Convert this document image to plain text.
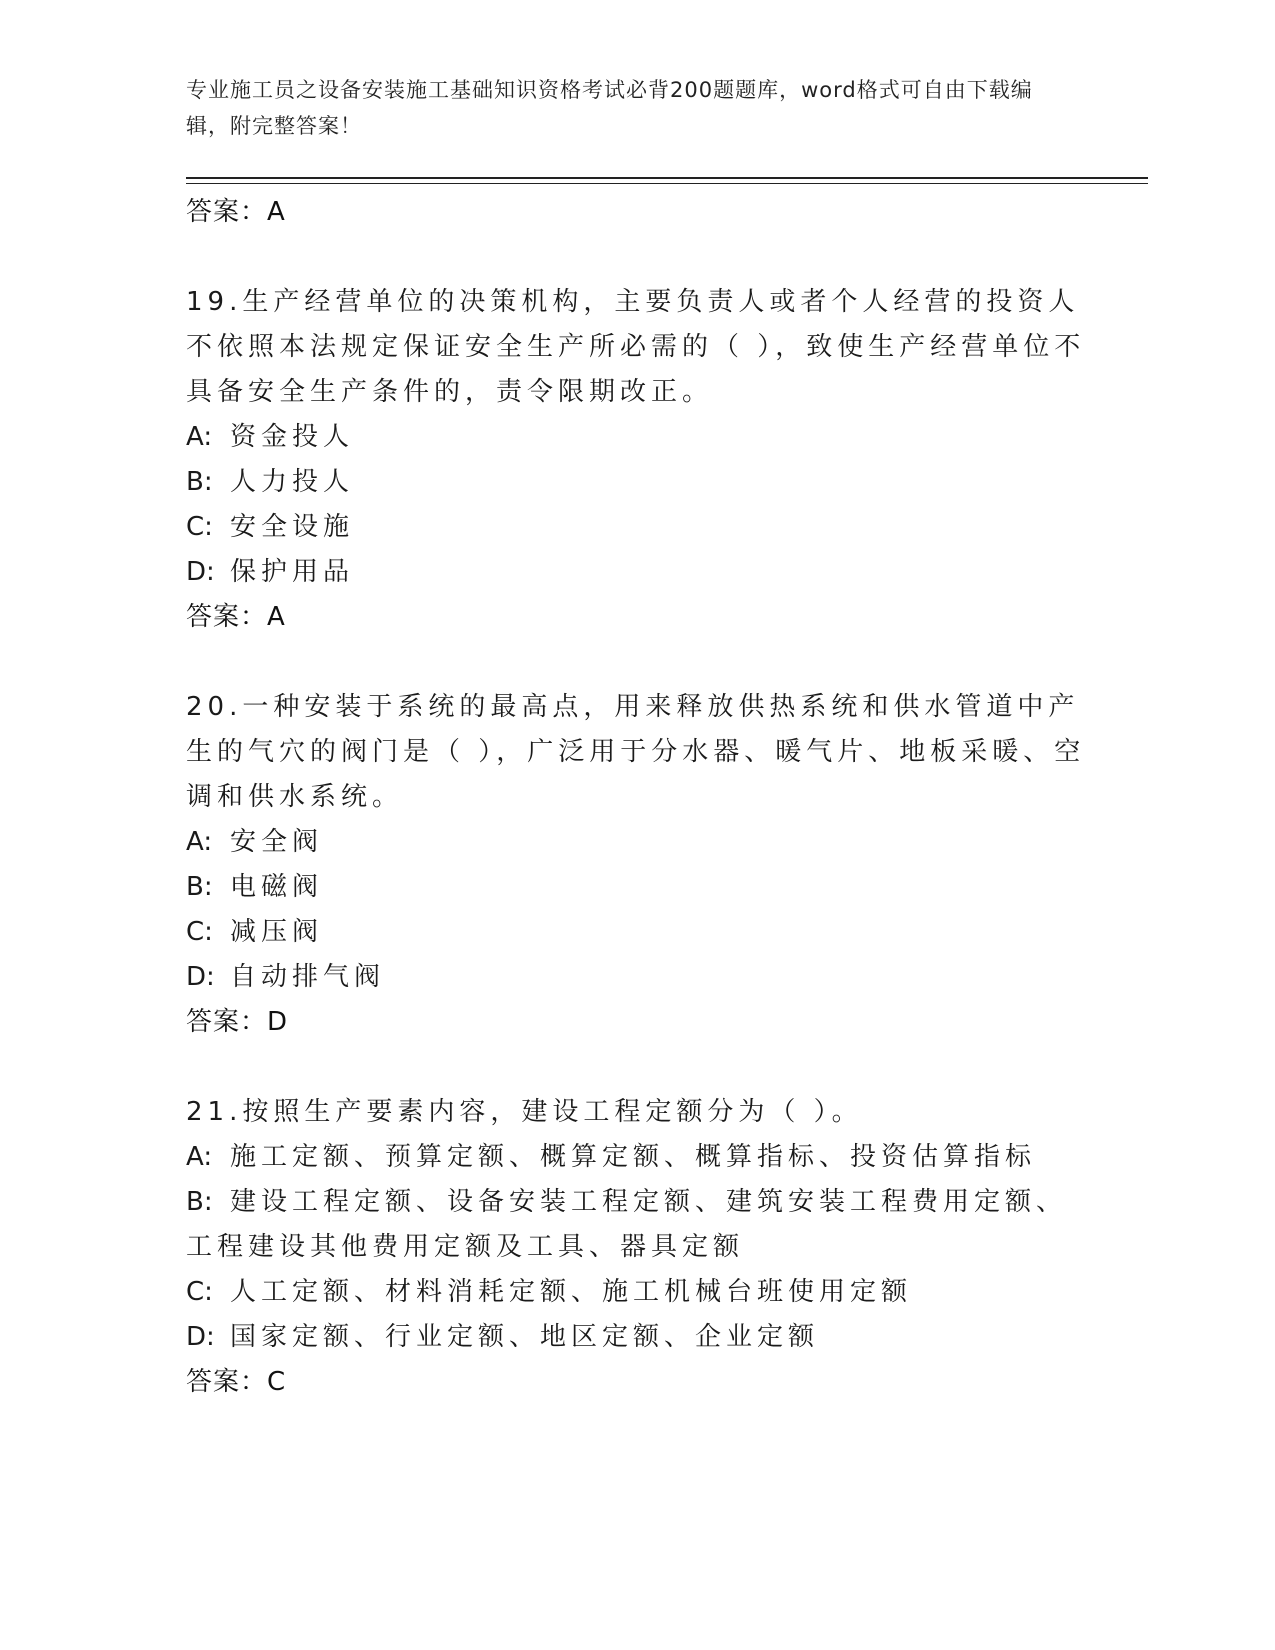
专业施工员之设备安装施工基础知识资格考试必背200题题库，word格式可自由下载编辑，附完整答案！
答案：A
19.生产经营单位的决策机构，主要负责人或者个人经营的投资人不依照本法规定保证安全生产所必需的（ ），致使生产经营单位不具备安全生产条件的，责令限期改正。
A: 资金投人
B: 人力投人
C: 安全设施
D: 保护用品
答案：A
20.一种安装于系统的最高点，用来释放供热系统和供水管道中产生的气穴的阀门是（ ），广泛用于分水器、暖气片、地板采暖、空调和供水系统。
A: 安全阀
B: 电磁阀
C: 减压阀
D: 自动排气阀
答案：D
21.按照生产要素内容，建设工程定额分为（ ）。
A: 施工定额、预算定额、概算定额、概算指标、投资估算指标
B: 建设工程定额、设备安装工程定额、建筑安装工程费用定额、工程建设其他费用定额及工具、器具定额
C: 人工定额、材料消耗定额、施工机械台班使用定额
D: 国家定额、行业定额、地区定额、企业定额
答案：C
